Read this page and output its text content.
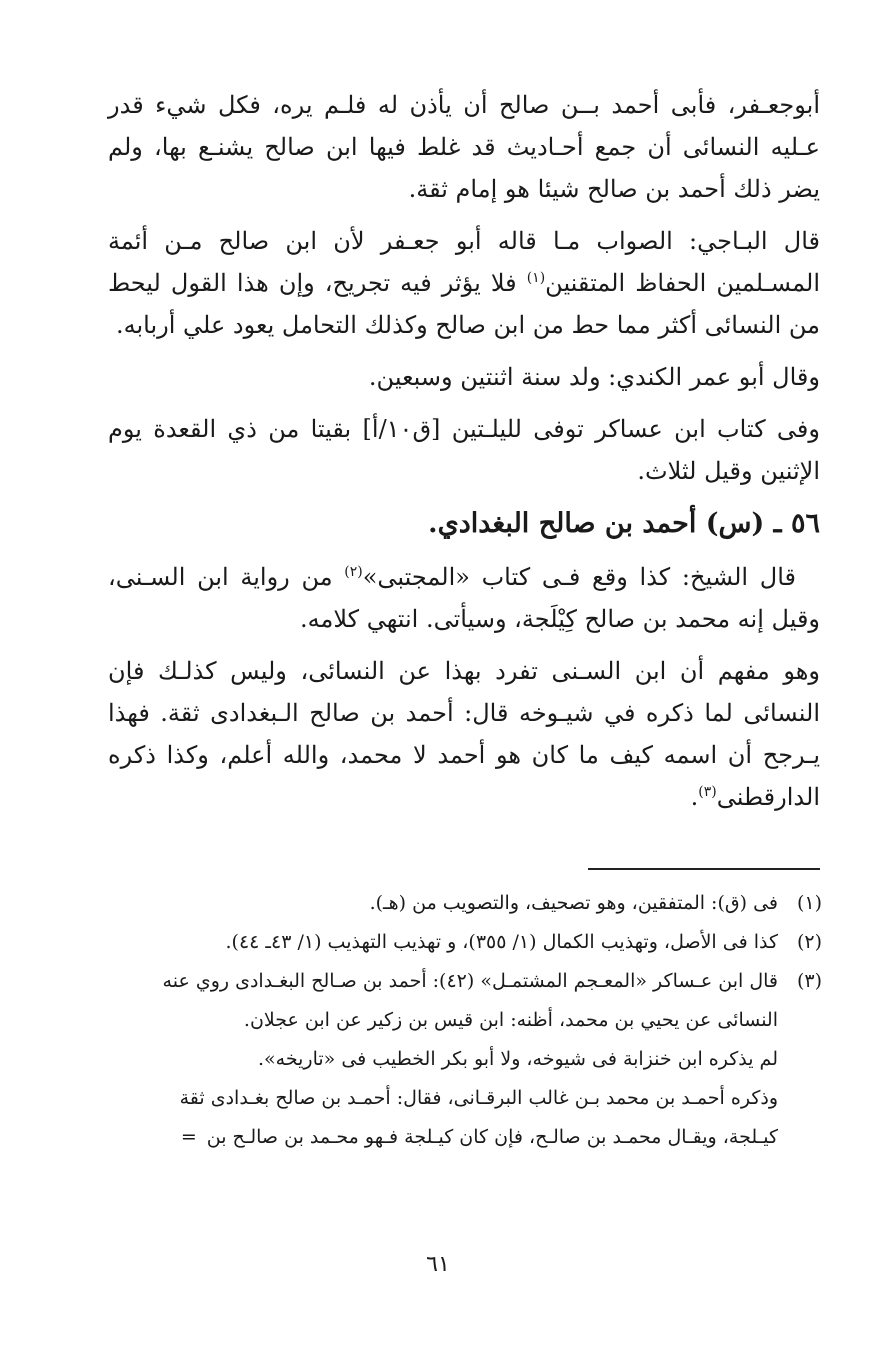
أبوجعـفر، فأبى أحمد بــن صالح أن يأذن له فلـم يره، فكل شيء قدر عـليه النسائى أن جمع أحـاديث قد غلط فيها ابن صالح يشنـع بها، ولم يضر ذلك أحمد بن صالح شيئا هو إمام ثقة.

قال البـاجي: الصواب مـا قاله أبو جعـفر لأن ابن صالح مـن أئمة المسـلمين الحفاظ المتقنين$^{(١)}$ فلا يؤثر فيه تجريح، وإن هذا القول ليحط من النسائى أكثر مما حط من ابن صالح وكذلك التحامل يعود علي أربابه.

وقال أبو عمر الكندي: ولد سنة اثنتين وسبعين.

وفى كتاب ابن عساكر توفى لليلـتين [ق١٠/أ] بقيتا من ذي القعدة يوم الإثنين وقيل لثلاث.

٥٦ ـ (س) أحمد بن صالح البغدادي.

قال الشيخ: كذا وقع فـى كتاب «المجتبى»$^{(٢)}$ من رواية ابن السـنى، وقيل إنه محمد بن صالح كِيْلَجة، وسيأتى. انتهي كلامه.

وهو مفهم أن ابن السـنى تفرد بهذا عن النسائى، وليس كذلـك فإن النسائى لما ذكره في شيـوخه قال: أحمد بن صالح الـبغدادى ثقة. فهذا يـرجح أن اسمه كيف ما كان هو أحمد لا محمد، والله أعلم، وكذا ذكره الدارقطنى$^{(٣)}$.

(١)
فى (ق): المتفقين، وهو تصحيف، والتصويب من (هـ).
(٢)
كذا فى الأصل، وتهذيب الكمال (١/ ٣٥٥)، و تهذيب التهذيب (١/ ٤٣ـ ٤٤).
(٣)
قال ابن عـساكر «المعـجم المشتمـل» (٤٢): أحمد بن صـالح البغـدادى روي عنه
النسائى عن يحيي بن محمد، أظنه: ابن قيس بن زكير عن ابن عجلان.
لم يذكره ابن خنزابة فى شيوخه، ولا أبو بكر الخطيب فى «تاريخه».
وذكره أحمـد بن محمد بـن غالب البرقـانى، فقال: أحمـد بن صالح بغـدادى ثقة
كيـلجة، ويقـال محمـد بن صالـح، فإن كان كيـلجة فـهو محـمد بن صالـح بن=
٦١
